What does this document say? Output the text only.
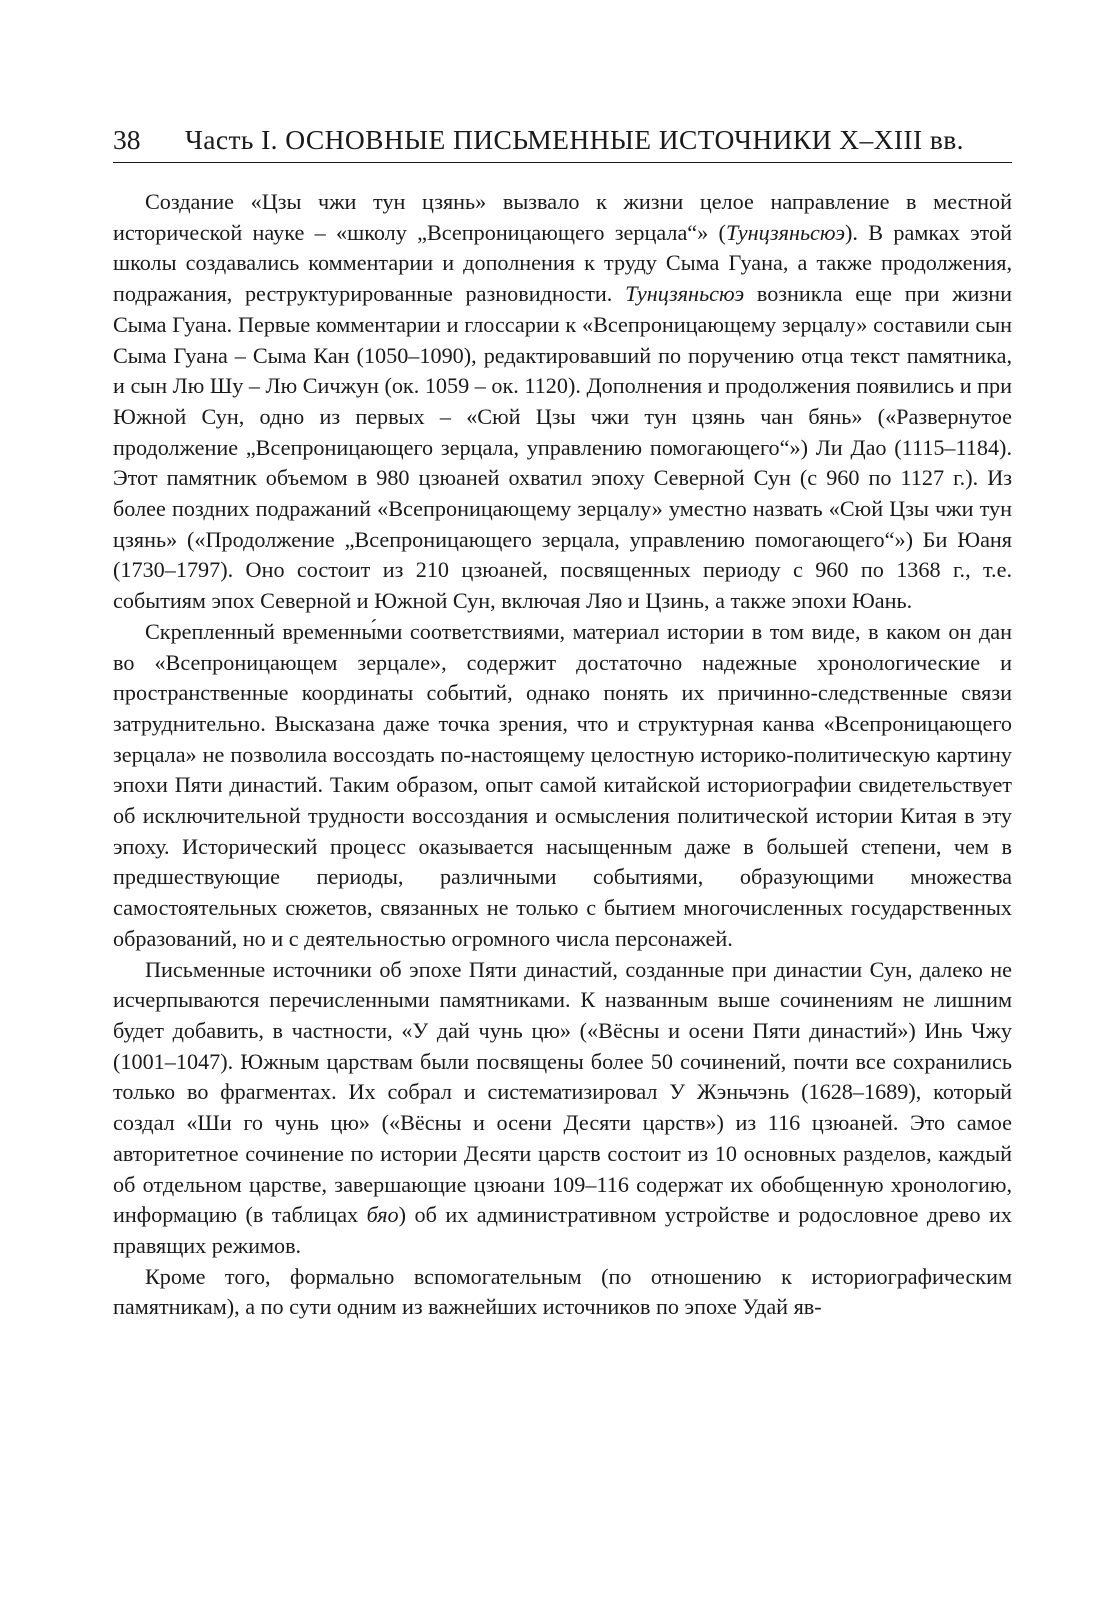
38	Часть I. ОСНОВНЫЕ ПИСЬМЕННЫЕ ИСТОЧНИКИ X–XIII вв.

Создание «Цзы чжи тун цзянь» вызвало к жизни целое направление в местной исторической науке – «школу „Всепроницающего зерцала“» (Тунцзяньсюэ). В рамках этой школы создавались комментарии и дополнения к труду Сыма Гуана, а также продолжения, подражания, реструктурированные разновидности. Тунцзяньсюэ возникла еще при жизни Сыма Гуана. Первые комментарии и глоссарии к «Всепроницающему зерцалу» составили сын Сыма Гуана – Сыма Кан (1050–1090), редактировавший по поручению отца текст памятника, и сын Лю Шу – Лю Сичжун (ок. 1059 – ок. 1120). Дополнения и продолжения появились и при Южной Сун, одно из первых – «Сюй Цзы чжи тун цзянь чан бянь» («Развернутое продолжение „Всепроницающего зерцала, управлению помогающего“») Ли Дао (1115–1184). Этот памятник объемом в 980 цзюаней охватил эпоху Северной Сун (с 960 по 1127 г.). Из более поздних подражаний «Всепроницающему зерцалу» уместно назвать «Сюй Цзы чжи тун цзянь» («Продолжение „Всепроницающего зерцала, управлению помогающего“») Би Юаня (1730–1797). Оно состоит из 210 цзюаней, посвященных периоду с 960 по 1368 г., т.е. событиям эпох Северной и Южной Сун, включая Ляо и Цзинь, а также эпохи Юань.

Скрепленный временны́ми соответствиями, материал истории в том виде, в каком он дан во «Всепроницающем зерцале», содержит достаточно надежные хронологические и пространственные координаты событий, однако понять их причинно-следственные связи затруднительно. Высказана даже точка зрения, что и структурная канва «Всепроницающего зерцала» не позволила воссоздать по-настоящему целостную историко-политическую картину эпохи Пяти династий. Таким образом, опыт самой китайской историографии свидетельствует об исключительной трудности воссоздания и осмысления политической истории Китая в эту эпоху. Исторический процесс оказывается насыщенным даже в большей степени, чем в предшествующие периоды, различными событиями, образующими множества самостоятельных сюжетов, связанных не только с бытием многочисленных государственных образований, но и с деятельностью огромного числа персонажей.

Письменные источники об эпохе Пяти династий, созданные при династии Сун, далеко не исчерпываются перечисленными памятниками. К названным выше сочинениям не лишним будет добавить, в частности, «У дай чунь цю» («Вёсны и осени Пяти династий») Инь Чжу (1001–1047). Южным царствам были посвящены более 50 сочинений, почти все сохранились только во фрагментах. Их собрал и систематизировал У Жэньчэнь (1628–1689), который создал «Ши го чунь цю» («Вёсны и осени Десяти царств») из 116 цзюаней. Это самое авторитетное сочинение по истории Десяти царств состоит из 10 основных разделов, каждый об отдельном царстве, завершающие цзюани 109–116 содержат их обобщенную хронологию, информацию (в таблицах бяо) об их административном устройстве и родословное древо их правящих режимов.

Кроме того, формально вспомогательным (по отношению к историографическим памятникам), а по сути одним из важнейших источников по эпохе Удай яв-
